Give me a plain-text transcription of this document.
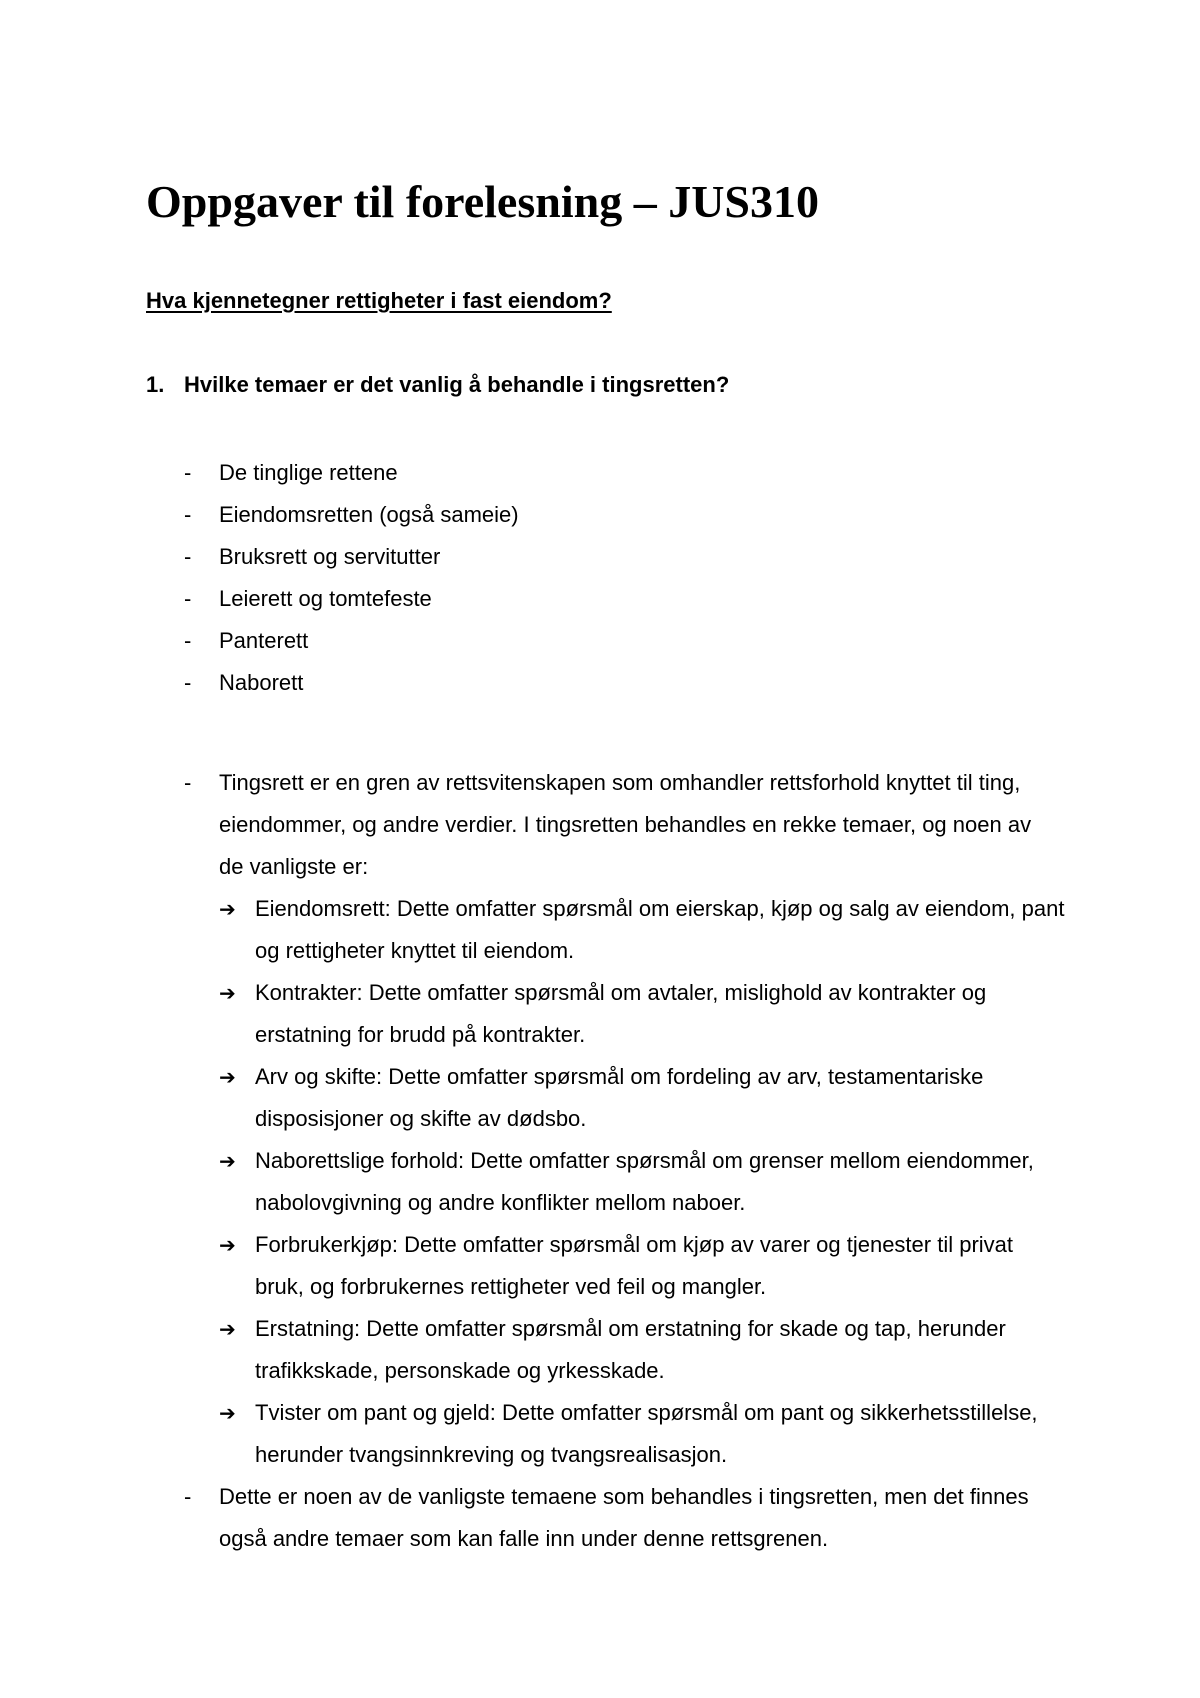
Oppgaver til forelesning – JUS310
Hva kjennetegner rettigheter i fast eiendom?
1. Hvilke temaer er det vanlig å behandle i tingsretten?
- De tinglige rettene
- Eiendomsretten (også sameie)
- Bruksrett og servitutter
- Leierett og tomtefeste
- Panterett
- Naborett
- Tingsrett er en gren av rettsvitenskapen som omhandler rettsforhold knyttet til ting, eiendommer, og andre verdier. I tingsretten behandles en rekke temaer, og noen av de vanligste er:
➔ Eiendomsrett: Dette omfatter spørsmål om eierskap, kjøp og salg av eiendom, pant og rettigheter knyttet til eiendom.
➔ Kontrakter: Dette omfatter spørsmål om avtaler, mislighold av kontrakter og erstatning for brudd på kontrakter.
➔ Arv og skifte: Dette omfatter spørsmål om fordeling av arv, testamentariske disposisjoner og skifte av dødsbo.
➔ Naborettslige forhold: Dette omfatter spørsmål om grenser mellom eiendommer, nabolovgivning og andre konflikter mellom naboer.
➔ Forbrukerkjøp: Dette omfatter spørsmål om kjøp av varer og tjenester til privat bruk, og forbrukernes rettigheter ved feil og mangler.
➔ Erstatning: Dette omfatter spørsmål om erstatning for skade og tap, herunder trafikkskade, personskade og yrkesskade.
➔ Tvister om pant og gjeld: Dette omfatter spørsmål om pant og sikkerhetsstillelse, herunder tvangsinnkreving og tvangsrealisasjon.
- Dette er noen av de vanligste temaene som behandles i tingsretten, men det finnes også andre temaer som kan falle inn under denne rettsgrenen.
